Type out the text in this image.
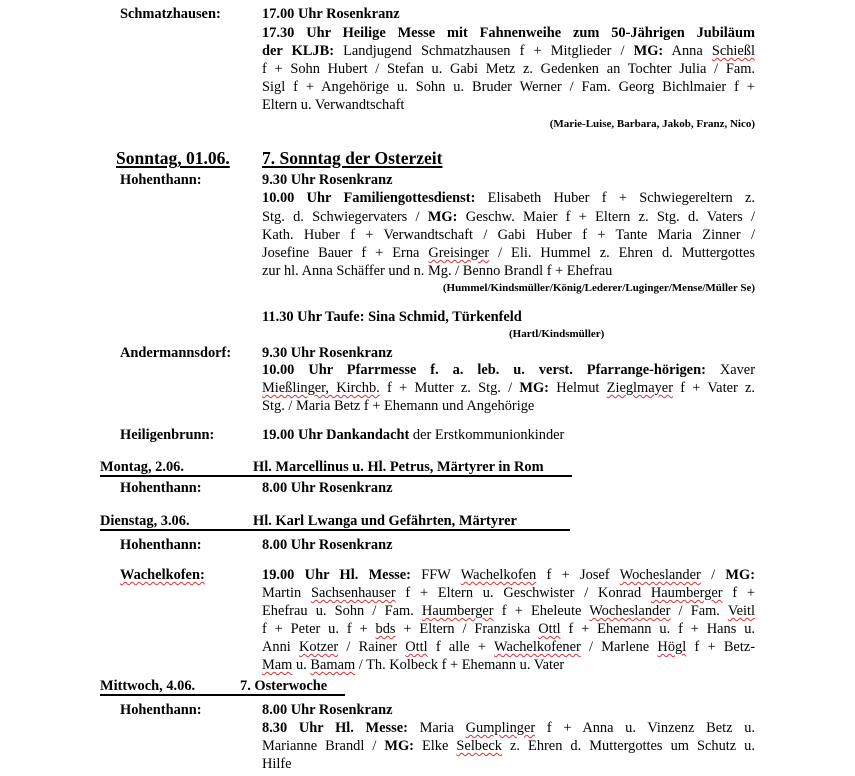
Schmatzhausen:	17.00 Uhr Rosenkranz
17.30 Uhr Heilige Messe mit Fahnenweihe zum 50-Jährigen Jubiläum
der KLJB: Landjugend Schmatzhausen f + Mitglieder / MG: Anna Schießl
f + Sohn Hubert / Stefan u. Gabi Metz z. Gedenken an Tochter Julia / Fam.
Sigl f + Angehörige u. Sohn u. Bruder Werner / Fam. Georg Bichlmaier f +
Eltern u. Verwandtschaft
(Marie-Luise, Barbara, Jakob, Franz, Nico)
Sonntag, 01.06. 7. Sonntag der Osterzeit
Hohenthann:	9.30 Uhr Rosenkranz
10.00 Uhr Familiengottesdienst: Elisabeth Huber f + Schwiegereltern z.
Stg. d. Schwiegervaters / MG: Geschw. Maier f + Eltern z. Stg. d. Vaters /
Kath. Huber f + Verwandtschaft / Gabi Huber f + Tante Maria Zinner /
Josefine Bauer f + Erna Greisinger / Eli. Hummel z. Ehren d. Muttergottes
zur hl. Anna Schäffer und n. Mg. / Benno Brandl f + Ehefrau
(Hummel/Kindsmüller/König/Lederer/Luginger/Mense/Müller Se)
11.30 Uhr Taufe: Sina Schmid, Türkenfeld
(Hartl/Kindsmüller)
Andermannsdorf: 9.30 Uhr Rosenkranz
10.00 Uhr Pfarrmesse f. a. leb. u. verst. Pfarrange-hörigen: Xaver
Mießlinger, Kirchb. f + Mutter z. Stg. / MG: Helmut Zieglmayer f + Vater z.
Stg. / Maria Betz f + Ehemann und Angehörige
Heiligenbrunn:	19.00 Uhr Dankandacht der Erstkommunionkinder
Montag, 2.06.	Hl. Marcellinus u. Hl. Petrus, Märtyrer in Rom
Hohenthann:	8.00 Uhr Rosenkranz
Dienstag, 3.06.	Hl. Karl Lwanga und Gefährten, Märtyrer
Hohenthann:	8.00 Uhr Rosenkranz
Wachelkofen:	19.00 Uhr Hl. Messe: FFW Wachelkofen f + Josef Wocheslander / MG:
Martin Sachsenhauser f + Eltern u. Geschwister / Konrad Haumberger f +
Ehefrau u. Sohn / Fam. Haumberger f + Eheleute Wocheslander / Fam. Veitl
f + Peter u. f + bds + Eltern / Franziska Ottl f + Ehemann u. f + Hans u.
Anni Kotzer / Rainer Ottl f alle + Wachelkofener / Marlene Högl f + Betz-
Mam u. Bamam / Th. Kolbeck f + Ehemann u. Vater
Mittwoch, 4.06.	7. Osterwoche
Hohenthann:	8.00 Uhr Rosenkranz
8.30 Uhr Hl. Messe: Maria Gumplinger f + Anna u. Vinzenz Betz u.
Marianne Brandl / MG: Elke Selbeck z. Ehren d. Muttergottes um Schutz u.
Hilfe
